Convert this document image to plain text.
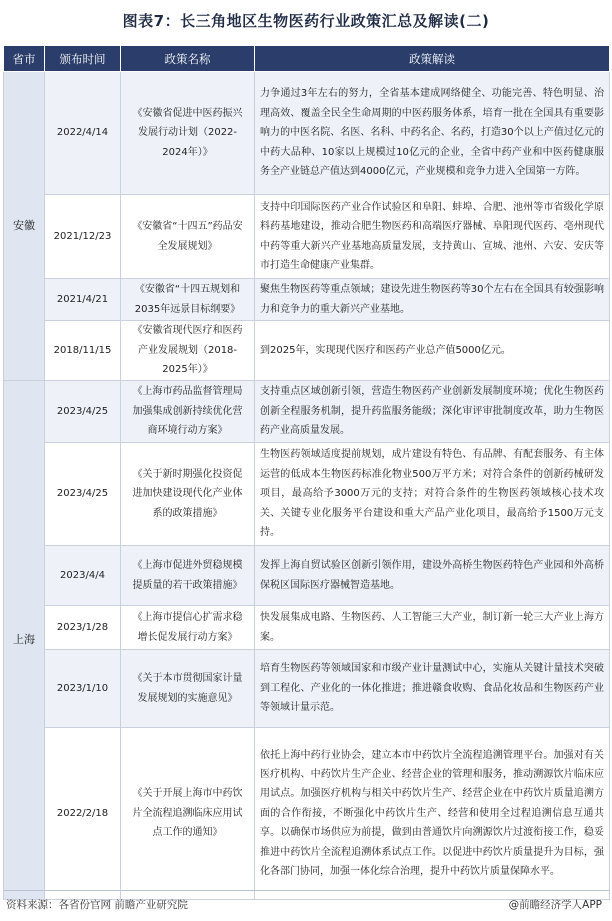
图表7：长三角地区生物医药行业政策汇总及解读(二)
省市	颁布时间	政策名称	政策解读
安徽	2022/4/14	《安徽省促进中医药振兴发展行动计划（2022-2024年）》	力争通过3年左右的努力，全省基本建成网络健全、功能完善、特色明显、治理高效、覆盖全民全生命周期的中医药服务体系，培育一批在全国具有重要影响力的中医名院、名医、名科、中药名企、名药，打造30个以上产值过亿元的中药大品种、10家以上规模过10亿元的企业，全省中药产业和中医药健康服务全产业链总产值达到4000亿元，产业规模和竞争力进入全国第一方阵。
	2021/12/23	《安徽省“十四五”药品安全发展规划》	支持中印国际医药产业合作试验区和阜阳、蚌埠、合肥、池州等市省级化学原料药基地建设，推动合肥生物医药和高端医疗器械、阜阳现代医药、亳州现代中药等重大新兴产业基地高质量发展，支持黄山、宣城、池州、六安、安庆等市打造生命健康产业集群。
	2021/4/21	《安徽省“十四五规划和2035年远景目标纲要》	聚焦生物医药等重点领域；建设先进生物医药等30个左右在全国具有较强影响力和竞争力的重大新兴产业基地。
	2018/11/15	《安徽省现代医疗和医药产业发展规划（2018-2025年）》	到2025年，实现现代医疗和医药产业总产值5000亿元。
上海	2023/4/25	《上海市药品监督管理局加强集成创新持续优化营商环境行动方案》	支持重点区域创新引领，营造生物医药产业创新发展制度环境；优化生物医药创新全程服务机制，提升药监服务能级；深化审评审批制度改革，助力生物医药产业高质量发展。
	2023/4/25	《关于新时期强化投资促进加快建设现代化产业体系的政策措施》	生物医药领域适度提前规划，成片建设有特色、有品牌、有配套服务、有主体运营的低成本生物医药标准化物业500万平方米；对符合条件的创新药械研发项目，最高给予3000万元的支持；对符合条件的生物医药领域核心技术攻关、关键专业化服务平台建设和重大产品产业化项目，最高给予1500万元支持。
	2023/4/4	《上海市促进外贸稳规模提质量的若干政策措施》	发挥上海自贸试验区创新引领作用，建设外高桥生物医药特色产业园和外高桥保税区国际医疗器械智造基地。
	2023/1/28	《上海市提信心扩需求稳增长促发展行动方案》	快发展集成电路、生物医药、人工智能三大产业，制订新一轮三大产业上海方案。
	2023/1/10	《关于本市贯彻国家计量发展规划的实施意见》	培育生物医药等领域国家和市级产业计量测试中心，实施从关键计量技术突破到工程化、产业化的一体化推进；推进赣食收购、食品化妆品和生物医药产业等领域计量示范。
	2022/2/18	《关于开展上海市中药饮片全流程追溯临床应用试点工作的通知》	依托上海中药行业协会，建立本市中药饮片全流程追溯管理平台。加强对有关医疗机构、中药饮片生产企业、经营企业的管理和服务，推动溯源饮片临床应用试点。加强医疗机构与相关中药饮片生产、经营企业在中药饮片质量追溯方面的合作衔接，不断强化中药饮片生产、经营和使用全过程追溯信息互通共享。以确保市场供应为前提，做到由普通饮片向溯源饮片过渡衔接工作，稳妥推进中药饮片全流程追溯体系试点工作。以促进中药饮片质量提升为目标，强化各部门协同，加强一体化综合治理，提升中药饮片质量保障水平。
资料来源：各省份官网 前瞻产业研究院	@前瞻经济学人APP
